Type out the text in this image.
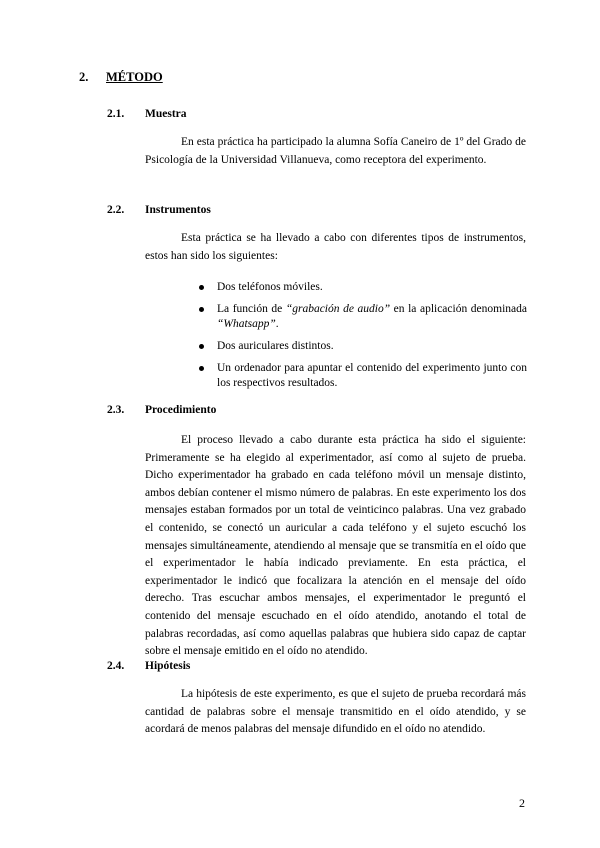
2. MÉTODO
2.1. Muestra

En esta práctica ha participado la alumna Sofía Caneiro de 1º del Grado de Psicología de la Universidad Villanueva, como receptora del experimento.

2.2. Instrumentos

Esta práctica se ha llevado a cabo con diferentes tipos de instrumentos, estos han sido los siguientes:

Dos teléfonos móviles.
La función de “grabación de audio” en la aplicación denominada “Whatsapp”.
Dos auriculares distintos.
Un ordenador para apuntar el contenido del experimento junto con los respectivos resultados.
2.3. Procedimiento

El proceso llevado a cabo durante esta práctica ha sido el siguiente: Primeramente se ha elegido al experimentador, así como al sujeto de prueba. Dicho experimentador ha grabado en cada teléfono móvil un mensaje distinto, ambos debían contener el mismo número de palabras. En este experimento los dos mensajes estaban formados por un total de veinticinco palabras. Una vez grabado el contenido, se conectó un auricular a cada teléfono y el sujeto escuchó los mensajes simultáneamente, atendiendo al mensaje que se transmitía en el oído que el experimentador le había indicado previamente. En esta práctica, el experimentador le indicó que focalizara la atención en el mensaje del oído derecho. Tras escuchar ambos mensajes, el experimentador le preguntó el contenido del mensaje escuchado en el oído atendido, anotando el total de palabras recordadas, así como aquellas palabras que hubiera sido capaz de captar sobre el mensaje emitido en el oído no atendido.

2.4. Hipótesis

La hipótesis de este experimento, es que el sujeto de prueba recordará más cantidad de palabras sobre el mensaje transmitido en el oído atendido, y se acordará de menos palabras del mensaje difundido en el oído no atendido.

2
